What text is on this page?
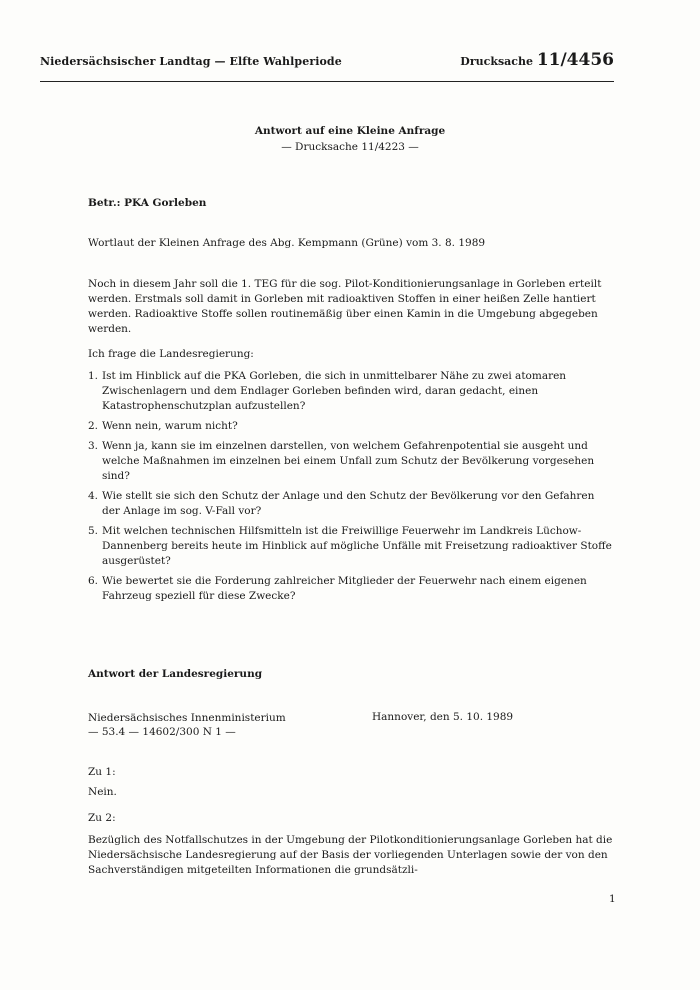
Niedersächsischer Landtag — Elfte Wahlperiode	Drucksache 11/4456
Antwort auf eine Kleine Anfrage
— Drucksache 11/4223 —
Betr.: PKA Gorleben
Wortlaut der Kleinen Anfrage des Abg. Kempmann (Grüne) vom 3. 8. 1989
Noch in diesem Jahr soll die 1. TEG für die sog. Pilot-Konditionierungsanlage in Gorleben erteilt werden. Erstmals soll damit in Gorleben mit radioaktiven Stoffen in einer heißen Zelle hantiert werden. Radioaktive Stoffe sollen routinemäßig über einen Kamin in die Umgebung abgegeben werden.
Ich frage die Landesregierung:
1. Ist im Hinblick auf die PKA Gorleben, die sich in unmittelbarer Nähe zu zwei atomaren Zwischenlagern und dem Endlager Gorleben befinden wird, daran gedacht, einen Katastrophenschutzplan aufzustellen?
2. Wenn nein, warum nicht?
3. Wenn ja, kann sie im einzelnen darstellen, von welchem Gefahrenpotential sie ausgeht und welche Maßnahmen im einzelnen bei einem Unfall zum Schutz der Bevölkerung vorgesehen sind?
4. Wie stellt sie sich den Schutz der Anlage und den Schutz der Bevölkerung vor den Gefahren der Anlage im sog. V-Fall vor?
5. Mit welchen technischen Hilfsmitteln ist die Freiwillige Feuerwehr im Landkreis Lüchow-Dannenberg bereits heute im Hinblick auf mögliche Unfälle mit Freisetzung radioaktiver Stoffe ausgerüstet?
6. Wie bewertet sie die Forderung zahlreicher Mitglieder der Feuerwehr nach einem eigenen Fahrzeug speziell für diese Zwecke?
Antwort der Landesregierung
Niedersächsisches Innenministerium
— 53.4 — 14602/300 N 1 —
Hannover, den 5. 10. 1989
Zu 1:
Nein.
Zu 2:
Bezüglich des Notfallschutzes in der Umgebung der Pilotkonditionierungsanlage Gorleben hat die Niedersächsische Landesregierung auf der Basis der vorliegenden Unterlagen sowie der von den Sachverständigen mitgeteilten Informationen die grundsätzli-
1
